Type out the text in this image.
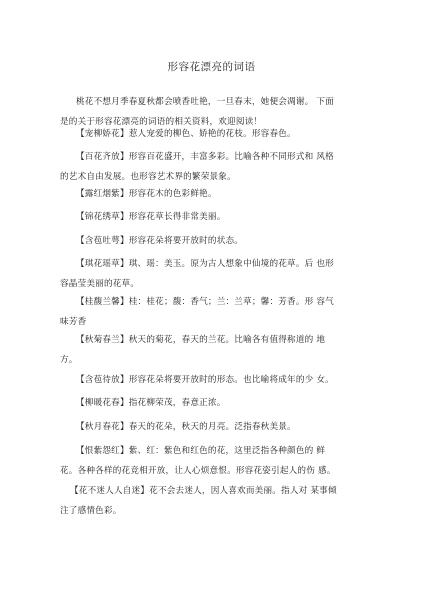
形容花漂亮的词语
桃花不想月季春夏秋都会喷香吐艳，一旦春末，她便会凋谢。 下面
是的关于形容花漂亮的词语的相关资料，欢迎阅读！
【宠柳娇花】惹人宠爱的柳色、娇艳的花枝。形容春色。
【百花齐放】形容百花盛开，丰富多彩。比喻各种不同形式和 风格
的艺术自由发展。也形容艺术界的繁荣景象。
【露红烟紫】形容花木的色彩鲜艳。
【锦花绣草】形容花草长得非常美丽。
【含苞吐萼】形容花朵将要开放时的状态。
【琪花瑶草】琪、瑶：美玉。原为古人想象中仙境的花草。后 也形
容晶莹美丽的花草。
【桂馥兰馨】桂：桂花；馥：香气；兰：兰草；馨：芳香。形 容气
味芳香
【秋菊春兰】秋天的菊花，春天的兰花。比喻各有值得称道的 地
方。
【含苞待放】形容花朵将要开放时的形态。也比喻将成年的少 女。
【柳暖花春】指花柳荣茂，春意正浓。
【秋月春花】春天的花朵，秋天的月亮。泛指春秋美景。
【恨紫怨红】紫、红：紫色和红色的花，这里泛指各种颜色的 鲜
花。各种各样的花竞相开放，让人心烦意恨。形容花姿引起人的伤 感。
【花不迷人人自迷】花不会去迷人，因人喜欢而美丽。指人对 某事倾
注了感情色彩。
